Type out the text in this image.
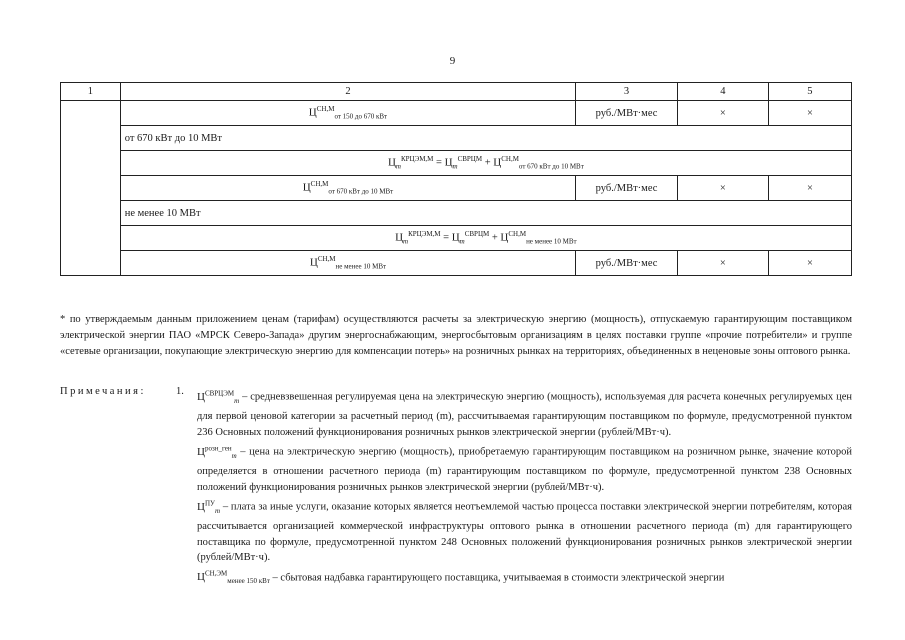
9
1	2	3	4	5
	$Ц^{СН,М}_{от 150 до 670 кВт}$	руб./МВт·мес	×	×
	от 670 кВт до 10 МВт			
	$Ц_m^{КРЦЭМ,М} = Ц_m^{СВРЦМ} + Ц^{СН,М}_{от 670 кВт до 10 МВт}$
	$Ц^{СН,М}_{от 670 кВт до 10 МВт}$	руб./МВт·мес	×	×
	не менее 10 МВт			
	$Ц_m^{КРЦЭМ,М} = Ц_m^{СВРЦМ} + Ц^{СН,М}_{не менее 10 МВт}$
	$Ц^{СН,М}_{не менее 10 МВт}$	руб./МВт·мес	×	×
* по утверждаемым данным приложением ценам (тарифам) осуществляются расчеты за электрическую энергию (мощность), отпускаемую гарантирующим поставщиком электрической энергии ПАО «МРСК Северо-Запада» другим энергоснабжающим, энергосбытовым организациям в целях поставки группе «прочие потребители» и группе «сетевые организации, покупающие электрическую энергию для компенсации потерь» на розничных рынках на территориях, объединенных в неценовые зоны оптового рынка.
Примечания:	1. $Ц^{СВРЦЭМ}_m$ – средневзвешенная регулируемая цена на электрическую энергию (мощность), используемая для расчета конечных регулируемых цен для первой ценовой категории за расчетный период (m), рассчитываемая гарантирующим поставщиком по формуле, предусмотренной пунктом 236 Основных положений функционирования розничных рынков электрической энергии (рублей/МВт·ч).
$Ц^{розн\_ген}_m$ – цена на электрическую энергию (мощность), приобретаемую гарантирующим поставщиком на розничном рынке, значение которой определяется в отношении расчетного периода (m) гарантирующим поставщиком по формуле, предусмотренной пунктом 238 Основных положений функционирования розничных рынков электрической энергии (рублей/МВт·ч).
$Ц^{ПУ}_m$ – плата за иные услуги, оказание которых является неотъемлемой частью процесса поставки электрической энергии потребителям, которая рассчитывается организацией коммерческой инфраструктуры оптового рынка в отношении расчетного периода (m) для гарантирующего поставщика по формуле, предусмотренной пунктом 248 Основных положений функционирования розничных рынков электрической энергии (рублей/МВт·ч).
$Ц^{СН,ЭМ}_{менее 150 кВт}$ – сбытовая надбавка гарантирующего поставщика, учитываемая в стоимости электрической энергии
